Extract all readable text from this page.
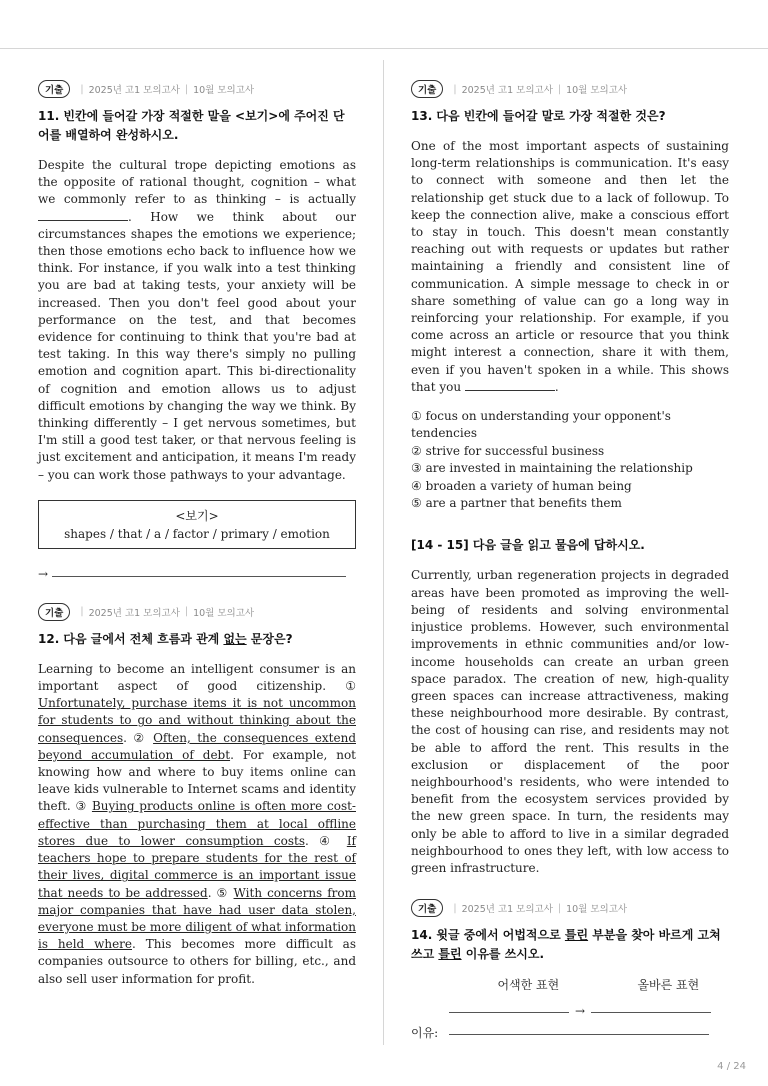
기출	| 2025년 고1 모의고사 | 10월 모의고사
11. 빈칸에 들어갈 가장 적절한 말을 <보기>에 주어진 단어를 배열하여 완성하시오.

Despite the cultural trope depicting emotions as the opposite of rational thought, cognition – what we commonly refer to as thinking – is actually . How we think about our circumstances shapes the emotions we experience; then those emotions echo back to influence how we think. For instance, if you walk into a test thinking you are bad at taking tests, your anxiety will be increased. Then you don't feel good about your performance on the test, and that becomes evidence for continuing to think that you're bad at test taking. In this way there's simply no pulling emotion and cognition apart. This bi-directionality of cognition and emotion allows us to adjust difficult emotions by changing the way we think. By thinking differently – I get nervous sometimes, but I'm still a good test taker, or that nervous feeling is just excitement and anticipation, it means I'm ready – you can work those pathways to your advantage.

<보기>
shapes / that / a / factor / primary / emotion
→
기출	| 2025년 고1 모의고사 | 10월 모의고사
12. 다음 글에서 전체 흐름과 관계 없는 문장은?

Learning to become an intelligent consumer is an important aspect of good citizenship. ① Unfortunately, purchase items it is not uncommon for students to go and without thinking about the consequences. ② Often, the consequences extend beyond accumulation of debt. For example, not knowing how and where to buy items online can leave kids vulnerable to Internet scams and identity theft. ③ Buying products online is often more cost-effective than purchasing them at local offline stores due to lower consumption costs. ④ If teachers hope to prepare students for the rest of their lives, digital commerce is an important issue that needs to be addressed. ⑤ With concerns from major companies that have had user data stolen, everyone must be more diligent of what information is held where. This becomes more difficult as companies outsource to others for billing, etc., and also sell user information for profit.

기출	| 2025년 고1 모의고사 | 10월 모의고사
13. 다음 빈칸에 들어갈 말로 가장 적절한 것은?

One of the most important aspects of sustaining long-term relationships is communication. It's easy to connect with someone and then let the relationship get stuck due to a lack of followup. To keep the connection alive, make a conscious effort to stay in touch. This doesn't mean constantly reaching out with requests or updates but rather maintaining a friendly and consistent line of communication. A simple message to check in or share something of value can go a long way in reinforcing your relationship. For example, if you come across an article or resource that you think might interest a connection, share it with them, even if you haven't spoken in a while. This shows that you	.

① focus on understanding your opponent's tendencies
② strive for successful business
③ are invested in maintaining the relationship
④ broaden a variety of human being
⑤ are a partner that benefits them
[14 - 15] 다음 글을 읽고 물음에 답하시오.

Currently, urban regeneration projects in degraded areas have been promoted as improving the well-being of residents and solving environmental injustice problems. However, such environmental improvements in ethnic communities and/or low-income households can create an urban green space paradox. The creation of new, high-quality green spaces can increase attractiveness, making these neighbourhood more desirable. By contrast, the cost of housing can rise, and residents may not be able to afford the rent. This results in the exclusion or displacement of the poor neighbourhood's residents, who were intended to benefit from the ecosystem services provided by the new green space. In turn, the residents may only be able to afford to live in a similar degraded neighbourhood to ones they left, with low access to green infrastructure.

기출	| 2025년 고1 모의고사 | 10월 모의고사
14. 윗글 중에서 어법적으로 틀린 부분을 찾아 바르게 고쳐 쓰고 틀린 이유를 쓰시오.
어색한 표현	올바른 표현
→
이유:
4 / 24
